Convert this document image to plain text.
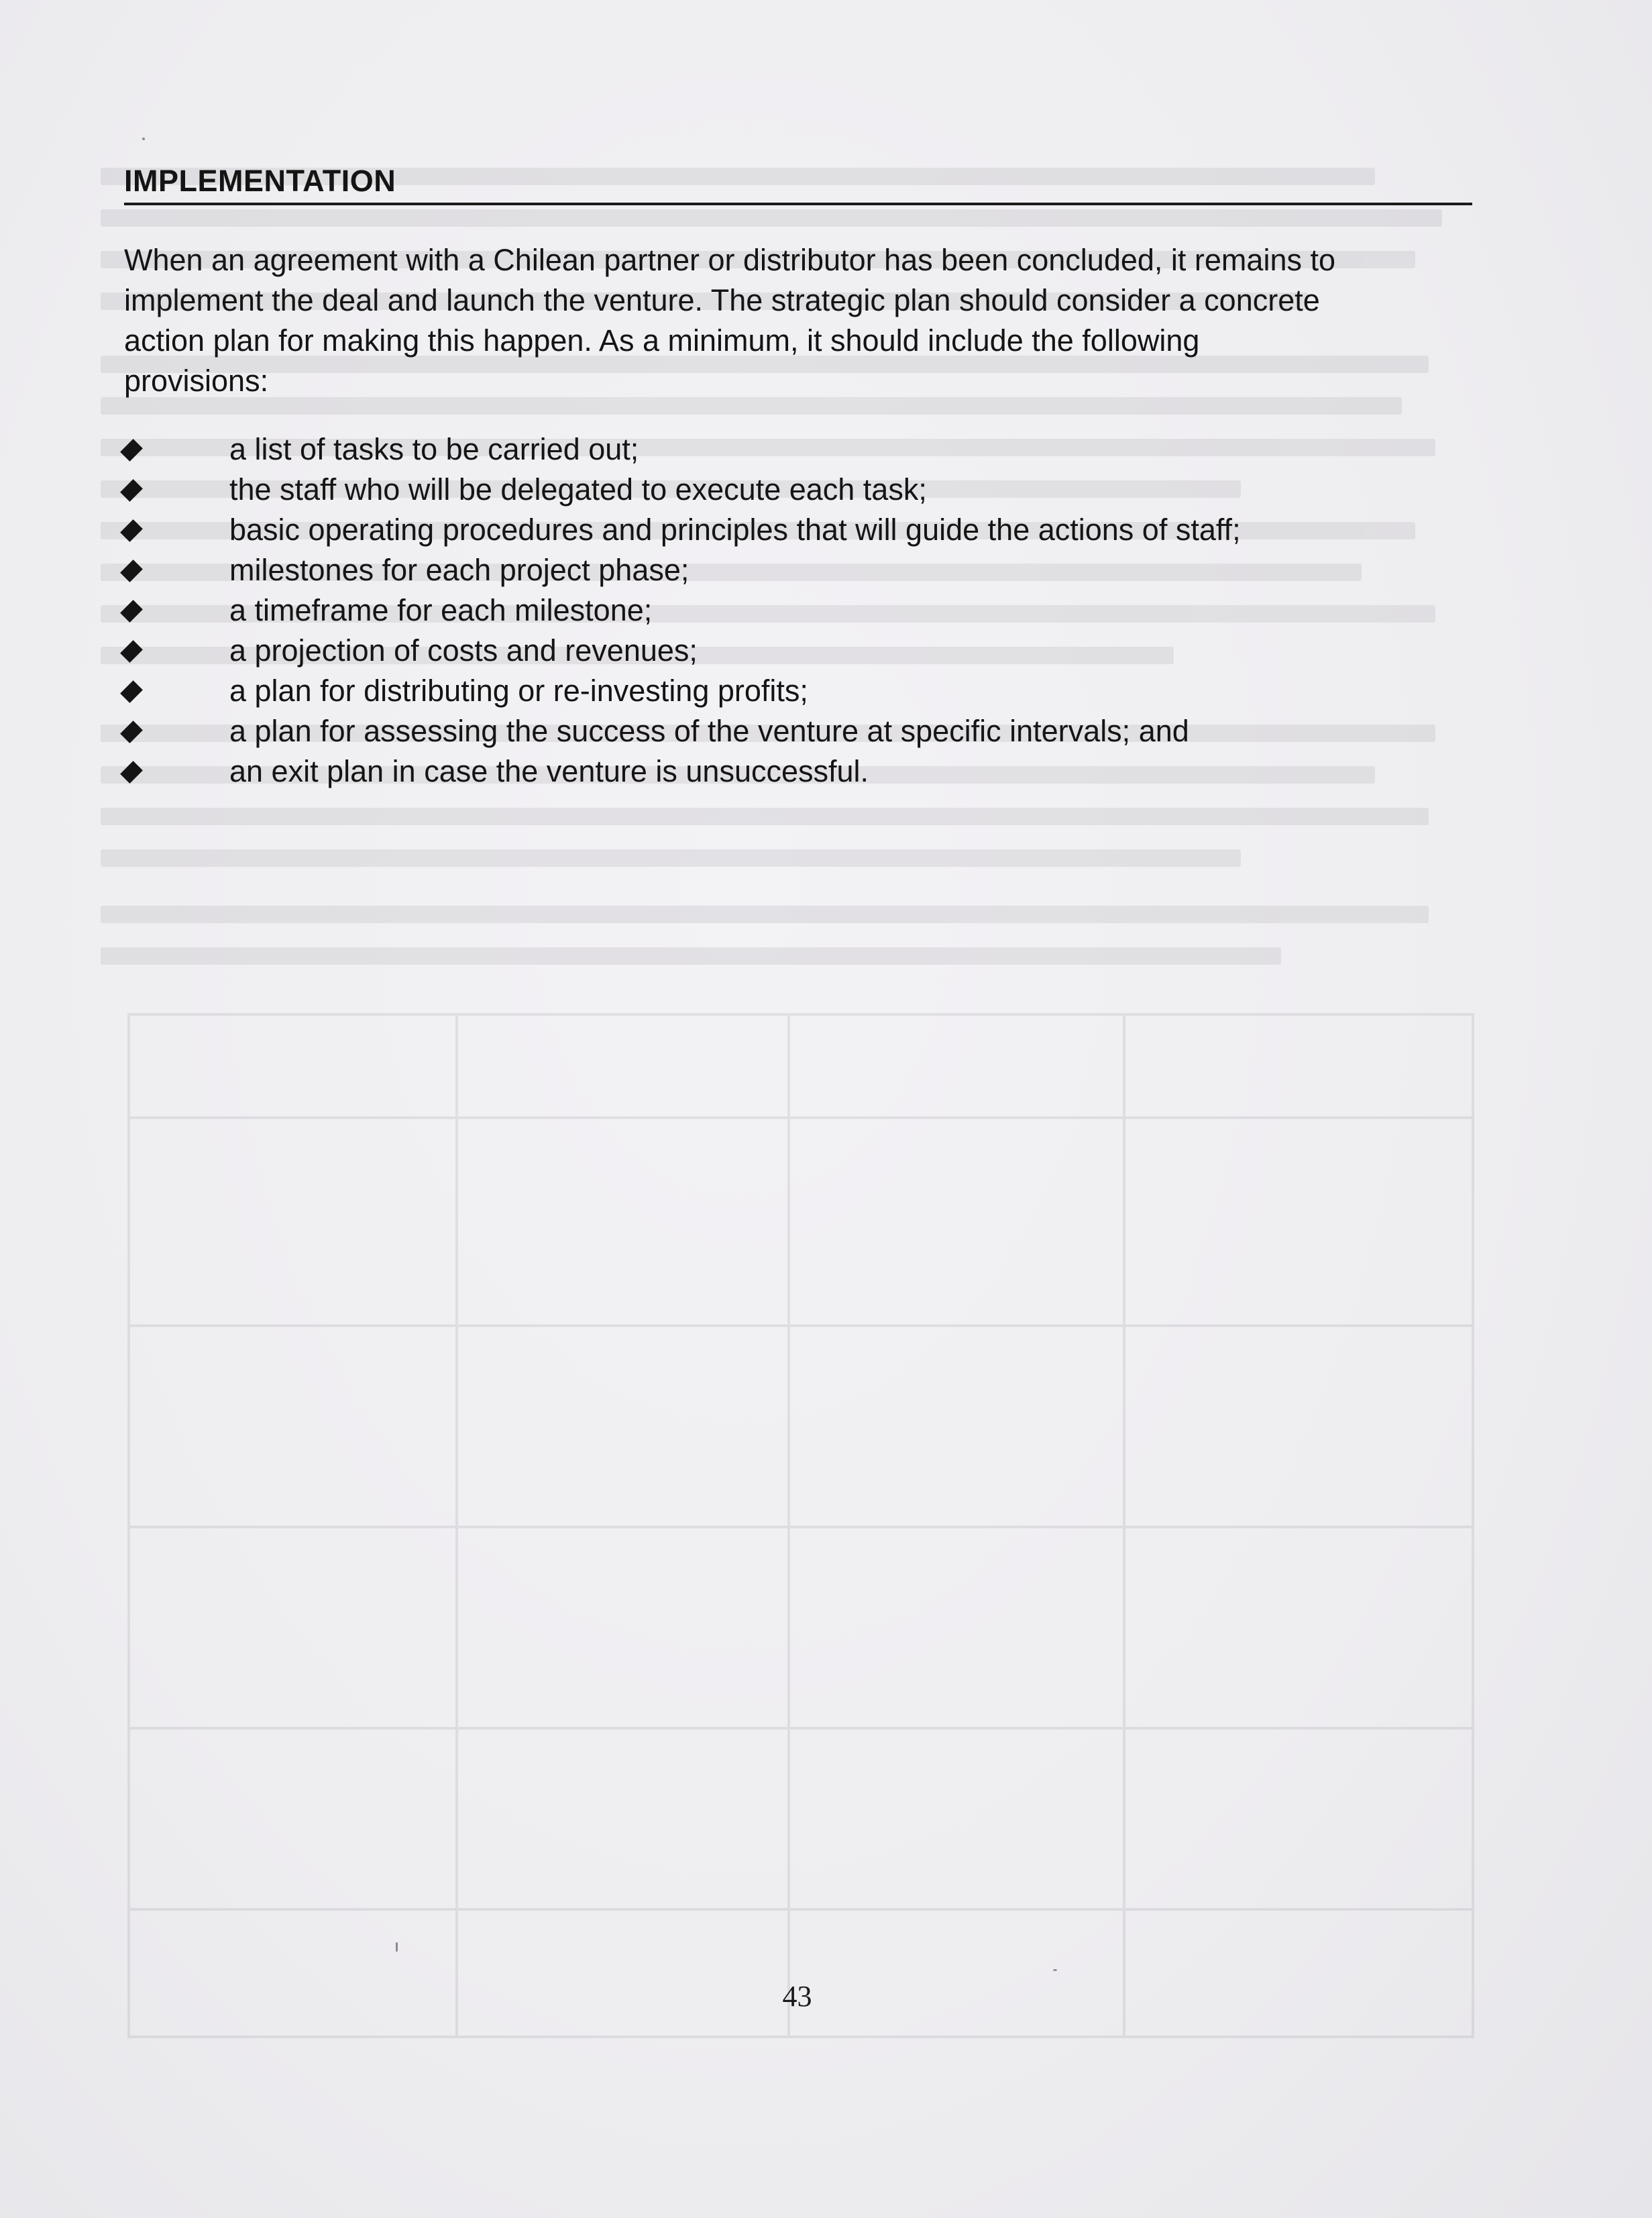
IMPLEMENTATION
When an agreement with a Chilean partner or distributor has been concluded, it remains to
implement the deal and launch the venture. The strategic plan should consider a concrete
action plan for making this happen. As a minimum, it should include the following
provisions:
a list of tasks to be carried out;
the staff who will be delegated to execute each task;
basic operating procedures and principles that will guide the actions of staff;
milestones for each project phase;
a timeframe for each milestone;
a projection of costs and revenues;
a plan for distributing or re-investing profits;
a plan for assessing the success of the venture at specific intervals; and
an exit plan in case the venture is unsuccessful.
43
